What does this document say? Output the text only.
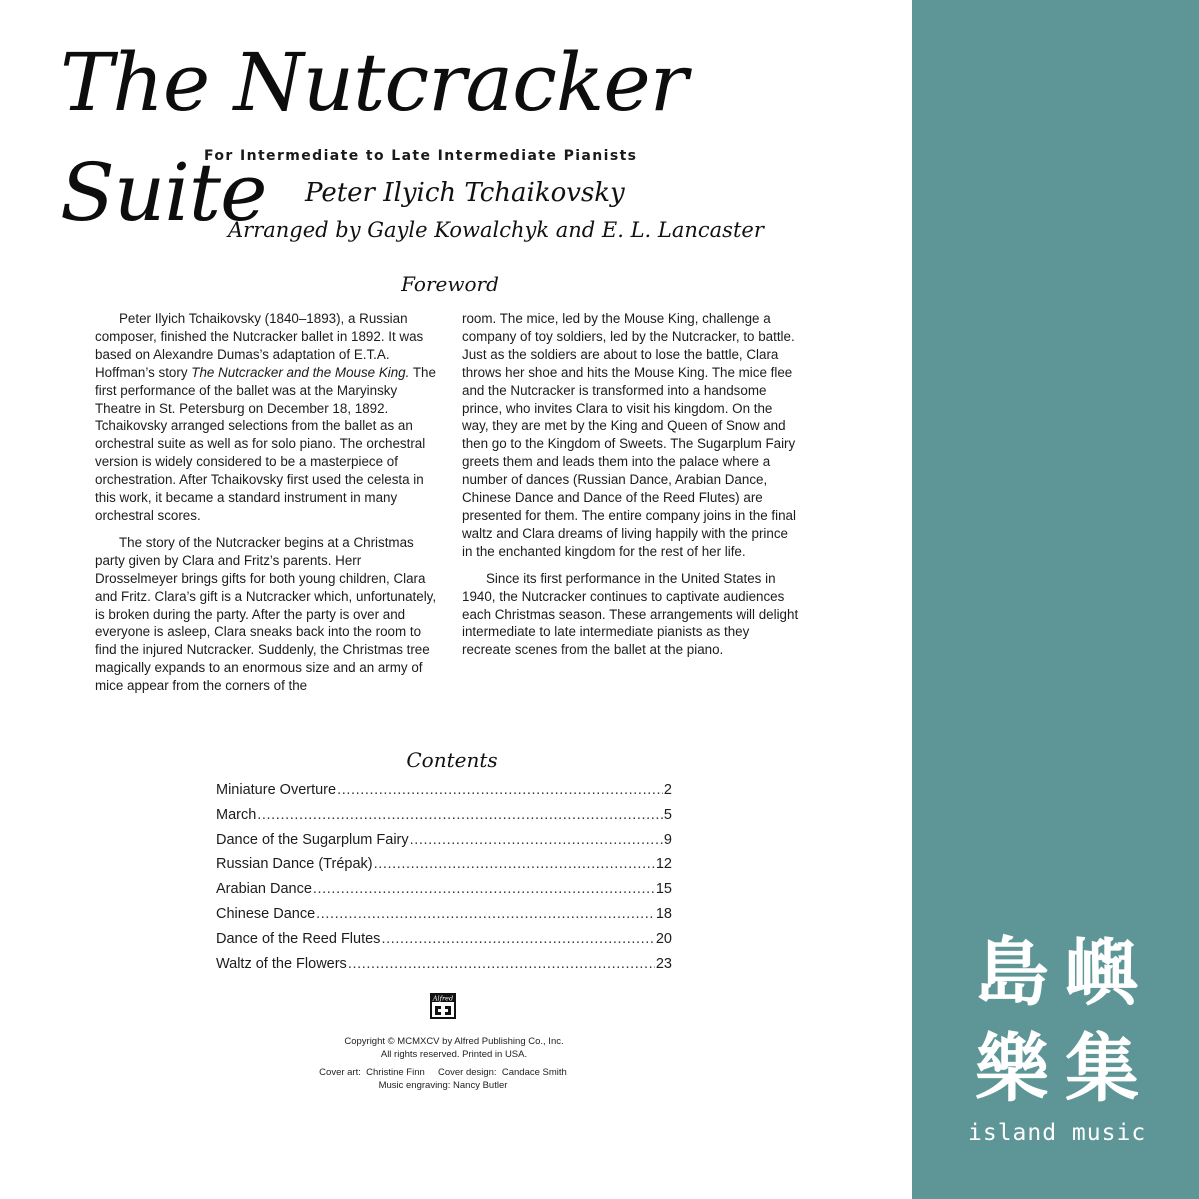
The Nutcracker Suite
For Intermediate to Late Intermediate Pianists
Peter Ilyich Tchaikovsky
Arranged by Gayle Kowalchyk and E. L. Lancaster
Foreword

Peter Ilyich Tchaikovsky (1840–1893), a Russian composer, finished the Nutcracker ballet in 1892. It was based on Alexandre Dumas’s adaptation of E.T.A. Hoffman’s story The Nutcracker and the Mouse King. The first performance of the ballet was at the Maryinsky Theatre in St. Petersburg on December 18, 1892. Tchaikovsky arranged selections from the ballet as an orchestral suite as well as for solo piano. The orchestral version is widely considered to be a masterpiece of orchestration. After Tchaikovsky first used the celesta in this work, it became a standard instrument in many orchestral scores.

The story of the Nutcracker begins at a Christmas party given by Clara and Fritz’s parents. Herr Drosselmeyer brings gifts for both young children, Clara and Fritz. Clara’s gift is a Nutcracker which, unfortunately, is broken during the party. After the party is over and everyone is asleep, Clara sneaks back into the room to find the injured Nutcracker. Suddenly, the Christmas tree magically expands to an enormous size and an army of mice appear from the corners of the

room. The mice, led by the Mouse King, challenge a company of toy soldiers, led by the Nutcracker, to battle. Just as the soldiers are about to lose the battle, Clara throws her shoe and hits the Mouse King. The mice flee and the Nutcracker is transformed into a handsome prince, who invites Clara to visit his kingdom. On the way, they are met by the King and Queen of Snow and then go to the Kingdom of Sweets. The Sugarplum Fairy greets them and leads them into the palace where a number of dances (Russian Dance, Arabian Dance, Chinese Dance and Dance of the Reed Flutes) are presented for them. The entire company joins in the final waltz and Clara dreams of living happily with the prince in the enchanted kingdom for the rest of her life.

Since its first performance in the United States in 1940, the Nutcracker continues to captivate audiences each Christmas season. These arrangements will delight intermediate to late intermediate pianists as they recreate scenes from the ballet at the piano.

Contents
Miniature Overture .....	2
March .....	5
Dance of the Sugarplum Fairy .....	9
Russian Dance (Trépak) .....	12
Arabian Dance .....	15
Chinese Dance .....	18
Dance of the Reed Flutes .....	20
Waltz of the Flowers .....	23
Alfred
Copyright © MCMXCV by Alfred Publishing Co., Inc.
All rights reserved. Printed in USA.
Cover art:  Christine Finn     Cover design:  Candace Smith
Music engraving: Nancy Butler
島 嶼
樂 集
island music
